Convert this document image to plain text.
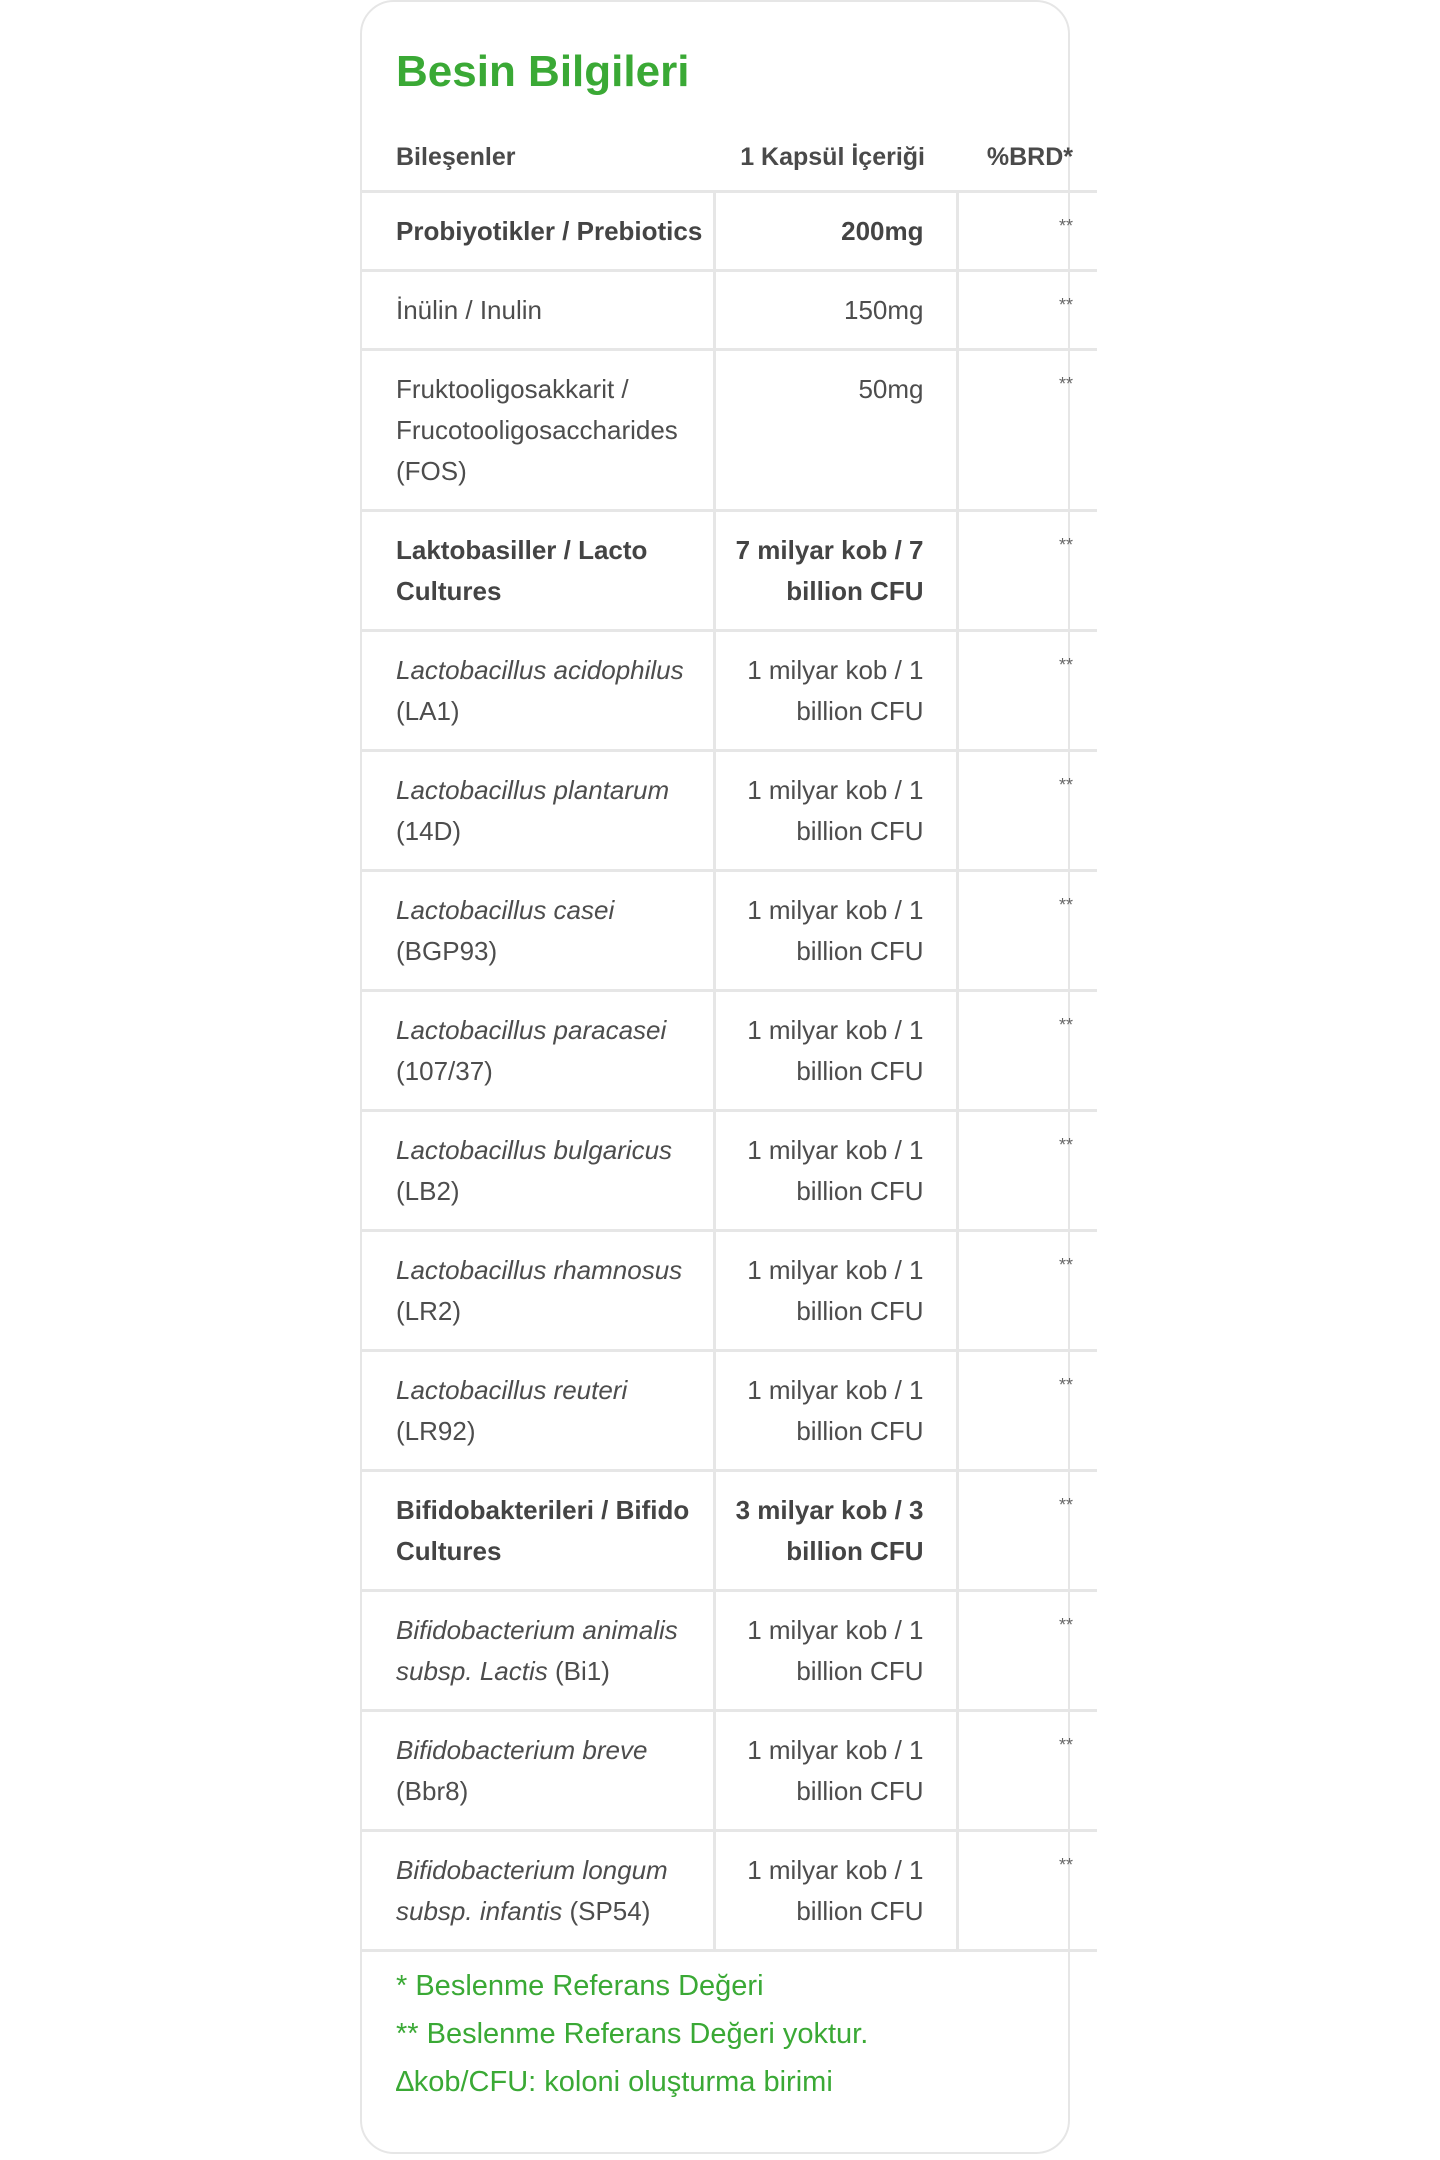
Besin Bilgileri
Bileşenler	1 Kapsül İçeriği	%BRD*
Probiyotikler / Prebiotics	200mg	**
İnülin / Inulin	150mg	**
Fruktooligosakkarit / Frucotooligosaccharides (FOS)	50mg	**
Laktobasiller / Lacto Cultures	7 milyar kob / 7 billion CFU	**
Lactobacillus acidophilus (LA1)	1 milyar kob / 1 billion CFU	**
Lactobacillus plantarum (14D)	1 milyar kob / 1 billion CFU	**
Lactobacillus casei (BGP93)	1 milyar kob / 1 billion CFU	**
Lactobacillus paracasei (107/37)	1 milyar kob / 1 billion CFU	**
Lactobacillus bulgaricus (LB2)	1 milyar kob / 1 billion CFU	**
Lactobacillus rhamnosus (LR2)	1 milyar kob / 1 billion CFU	**
Lactobacillus reuteri (LR92)	1 milyar kob / 1 billion CFU	**
Bifidobakterileri / Bifido Cultures	3 milyar kob / 3 billion CFU	**
Bifidobacterium animalis subsp. Lactis (Bi1)	1 milyar kob / 1 billion CFU	**
Bifidobacterium breve (Bbr8)	1 milyar kob / 1 billion CFU	**
Bifidobacterium longum subsp. infantis (SP54)	1 milyar kob / 1 billion CFU	**
* Beslenme Referans Değeri
** Beslenme Referans Değeri yoktur.
∆kob/CFU: koloni oluşturma birimi
